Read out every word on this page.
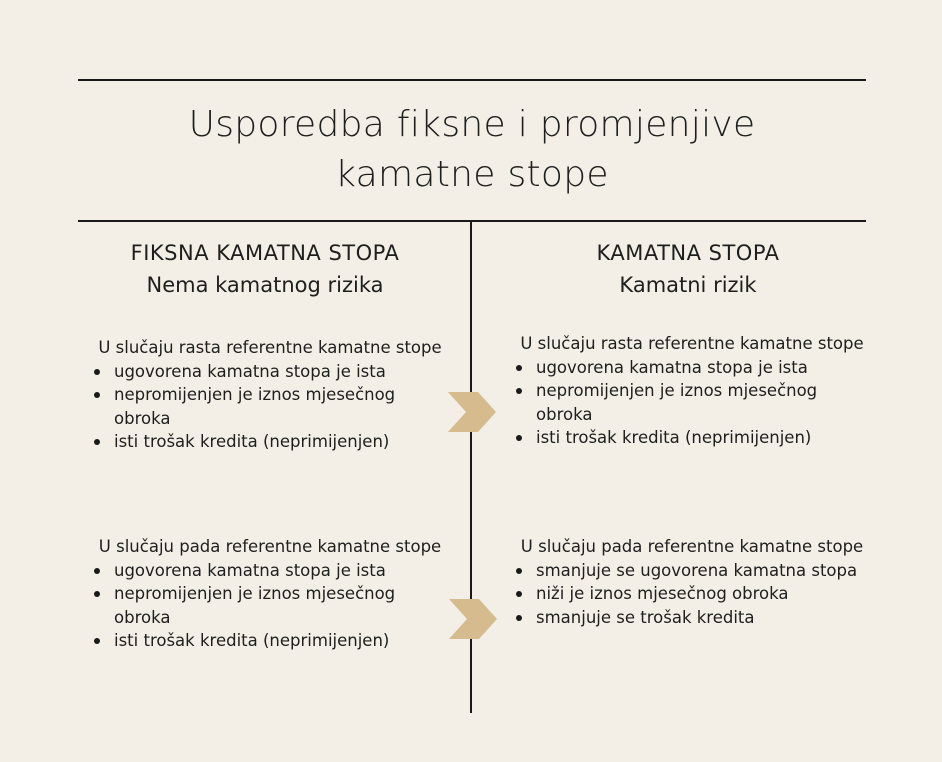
Usporedba fiksne i promjenjive
kamatne stope
FIKSNA KAMATNA STOPA
Nema kamatnog rizika
KAMATNA STOPA
Kamatni rizik
U slučaju rasta referentne kamatne stope
ugovorena kamatna stopa je ista
nepromijenjen je iznos mjesečnog obroka
isti trošak kredita (neprimijenjen)
U slučaju pada referentne kamatne stope
ugovorena kamatna stopa je ista
nepromijenjen je iznos mjesečnog obroka
isti trošak kredita (neprimijenjen)
U slučaju rasta referentne kamatne stope
ugovorena kamatna stopa je ista
nepromijenjen je iznos mjesečnog obroka
isti trošak kredita (neprimijenjen)
U slučaju pada referentne kamatne stope
smanjuje se ugovorena kamatna stopa
niži je iznos mjesečnog obroka
smanjuje se trošak kredita
